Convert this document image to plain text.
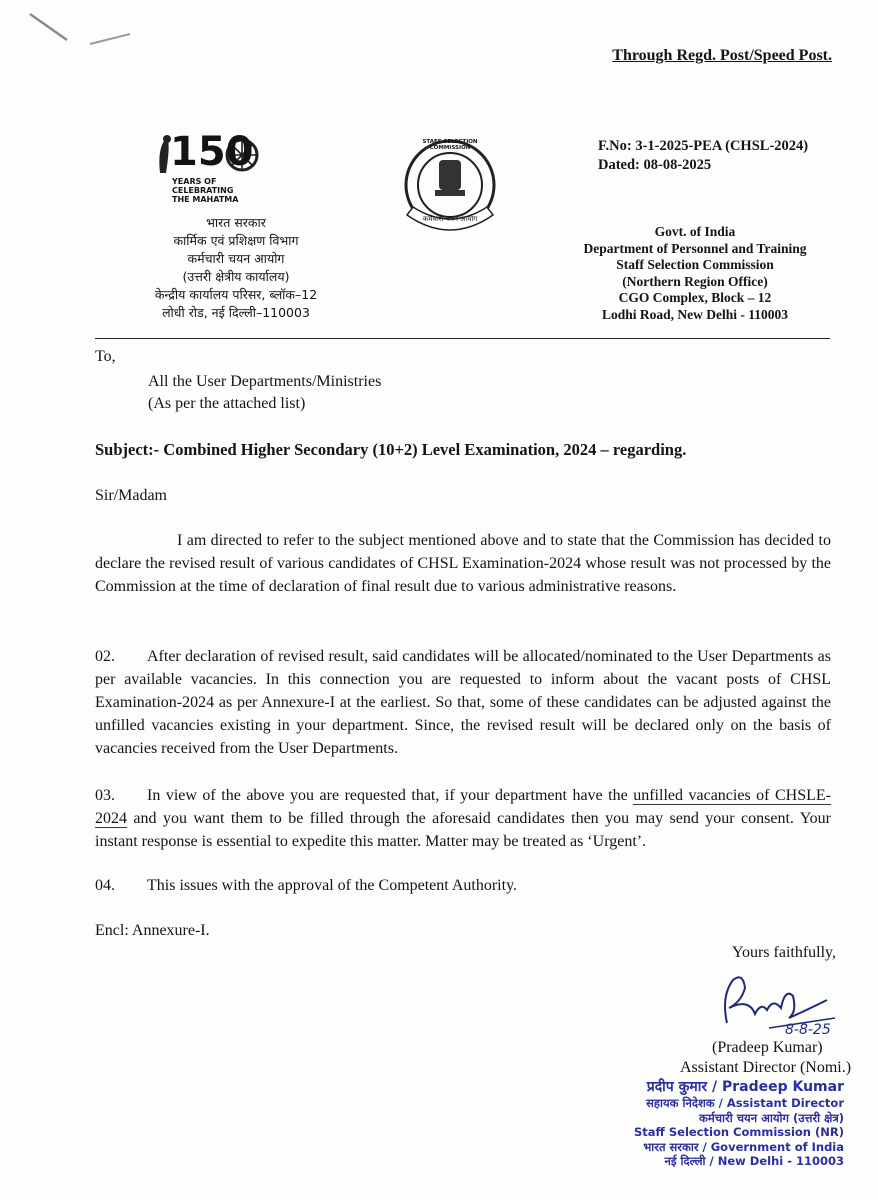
Through Regd. Post/Speed Post.
150
YEARS OF
CELEBRATING
THE MAHATMA
STAFF SELECTION COMMISSION
कर्मचारी चयन आयोग
भारत सरकार
कार्मिक एवं प्रशिक्षण विभाग
कर्मचारी चयन आयोग
(उत्तरी क्षेत्रीय कार्यालय)
केन्द्रीय कार्यालय परिसर, ब्लॉक–12
लोधी रोड, नई दिल्ली–110003
F.No: 3-1-2025-PEA (CHSL-2024)
Dated: 08-08-2025
Govt. of India
Department of Personnel and Training
Staff Selection Commission
(Northern Region Office)
CGO Complex, Block – 12
Lodhi Road, New Delhi - 110003
To,
All the User Departments/Ministries
(As per the attached list)
Subject:- Combined Higher Secondary (10+2) Level Examination, 2024 – regarding.
Sir/Madam
I am directed to refer to the subject mentioned above and to state that the Commission has decided to declare the revised result of various candidates of CHSL Examination-2024 whose result was not processed by the Commission at the time of declaration of final result due to various administrative reasons.
02. After declaration of revised result, said candidates will be allocated/nominated to the User Departments as per available vacancies. In this connection you are requested to inform about the vacant posts of CHSL Examination-2024 as per Annexure-I at the earliest. So that, some of these candidates can be adjusted against the unfilled vacancies existing in your department. Since, the revised result will be declared only on the basis of vacancies received from the User Departments.
03. In view of the above you are requested that, if your department have the unfilled vacancies of CHSLE-2024 and you want them to be filled through the aforesaid candidates then you may send your consent. Your instant response is essential to expedite this matter. Matter may be treated as ‘Urgent’.
04. This issues with the approval of the Competent Authority.
Encl: Annexure-I.
Yours faithfully,
8-8-25
(Pradeep Kumar)
Assistant Director (Nomi.)
प्रदीप कुमार / Pradeep Kumar
सहायक निदेशक / Assistant Director
कर्मचारी चयन आयोग (उत्तरी क्षेत्र)
Staff Selection Commission (NR)
भारत सरकार / Government of India
नई दिल्ली / New Delhi - 110003
